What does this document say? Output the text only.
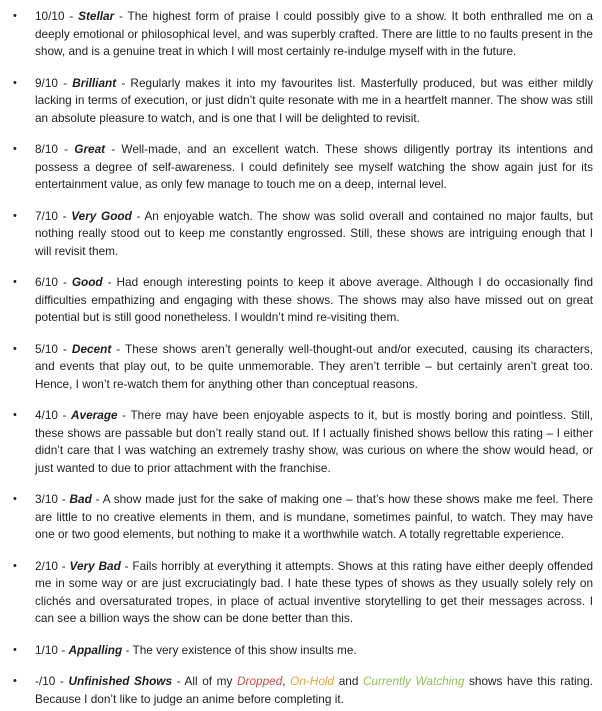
• 10/10 - Stellar - The highest form of praise I could possibly give to a show. It both enthralled me on a deeply emotional or philosophical level, and was superbly crafted. There are little to no faults present in the show, and is a genuine treat in which I will most certainly re-indulge myself with in the future.
• 9/10 - Brilliant - Regularly makes it into my favourites list. Masterfully produced, but was either mildly lacking in terms of execution, or just didn’t quite resonate with me in a heartfelt manner. The show was still an absolute pleasure to watch, and is one that I will be delighted to revisit.
• 8/10 - Great - Well-made, and an excellent watch. These shows diligently portray its intentions and possess a degree of self-awareness. I could definitely see myself watching the show again just for its entertainment value, as only few manage to touch me on a deep, internal level.
• 7/10 - Very Good - An enjoyable watch. The show was solid overall and contained no major faults, but nothing really stood out to keep me constantly engrossed. Still, these shows are intriguing enough that I will revisit them.
• 6/10 - Good - Had enough interesting points to keep it above average. Although I do occasionally find difficulties empathizing and engaging with these shows. The shows may also have missed out on great potential but is still good nonetheless. I wouldn’t mind re-visiting them.
• 5/10 - Decent - These shows aren’t generally well-thought-out and/or executed, causing its characters, and events that play out, to be quite unmemorable. They aren’t terrible – but certainly aren’t great too. Hence, I won’t re-watch them for anything other than conceptual reasons.
• 4/10 - Average - There may have been enjoyable aspects to it, but is mostly boring and pointless. Still, these shows are passable but don’t really stand out. If I actually finished shows bellow this rating – I either didn’t care that I was watching an extremely trashy show, was curious on where the show would head, or just wanted to due to prior attachment with the franchise.
• 3/10 - Bad - A show made just for the sake of making one – that’s how these shows make me feel. There are little to no creative elements in them, and is mundane, sometimes painful, to watch. They may have one or two good elements, but nothing to make it a worthwhile watch. A totally regrettable experience.
• 2/10 - Very Bad - Fails horribly at everything it attempts. Shows at this rating have either deeply offended me in some way or are just excruciatingly bad. I hate these types of shows as they usually solely rely on clichés and oversaturated tropes, in place of actual inventive storytelling to get their messages across. I can see a billion ways the show can be done better than this.
• 1/10 - Appalling - The very existence of this show insults me.
• -/10 - Unfinished Shows - All of my Dropped, On-Hold and Currently Watching shows have this rating. Because I don’t like to judge an anime before completing it.
